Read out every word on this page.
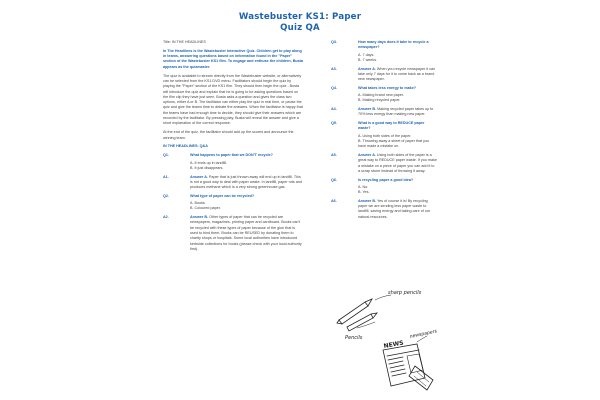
Wastebuster KS1: Paper
Quiz QA
Title: IN THE HEADLINES
In The Headlines is the Wastebuster Interactive Quiz. Children get to play along in teams, answering questions based on information found in the "Paper" section of the Wastebuster KS1 film. To engage and enthuse the children, Busta appears as the quizmaster.
The quiz is available to stream directly from the Wastebuster website, or alternatively can be selected from the KS1 DVD menu. Facilitators should begin the quiz by playing the "Paper" section of the KS1 film. They should then begin the quiz - Busta will introduce the quiz and explain that he is going to be asking questions based on the film clip they have just seen. Busta asks a question and gives the class two options, either A or B. The facilitator can either play the quiz in real time, or pause the quiz and give the teams time to debate the answers. When the facilitator is happy that the teams have had enough time to decide, they should give their answers which are recorded by the facilitator. By pressing play, Busta will reveal the answer and give a short explanation of the correct response.
At the end of the quiz, the facilitator should add up the scores and announce the winning team.
IN THE HEADLINES: Q&A
Q1.	What happens to paper that we DON'T recycle?
A. It ends up in landfill.
B. It just disappears.
A1.	Answer A. Paper that is just thrown away will end up in landfill. This is not a good way to deal with paper waste. In landfill, paper rots and produces methane which is a very strong greenhouse gas.
Q2.	What type of paper can be recycled?
A. Books.
B. Coloured paper.
A2.	Answer B. Other types of paper that can be recycled are newspapers, magazines, printing paper and cardboard. Books can't be recycled with these types of paper because of the glue that is used to bind them. Books can be REUSED by donating them to charity shops or hospitals. Some local authorities have introduced kerbside collections for books (please check with your local authority first).
Q3.	How many days does it take to recycle a newspaper?
A. 7 days.
B. 7 weeks.
A3.	Answer A. When you recycle newspaper it can take only 7 days for it to come back as a brand new newspaper.
Q4.	What takes less energy to make?
A. Making brand new paper.
B. Making recycled paper.
A4.	Answer B. Making recycled paper takes up to 70% less energy than making new paper.
Q5.	What is a good way to REDUCE paper waste?
A. Using both sides of the paper.
B. Throwing away a sheet of paper that you have made a mistake on.
A5.	Answer A. Using both sides of the paper is a great way to REDUCE paper waste. If you make a mistake on a piece of paper you can add it to a scrap stone instead of throwing it away.
Q6.	Is recycling paper a good idea?
A. No.
B. Yes.
A6.	Answer B. Yes of course it is! By recycling paper we are sending less paper waste to landfill, saving energy and taking care of our natural resources.
sharp pencils
Pencils
NEWS
newspapers
